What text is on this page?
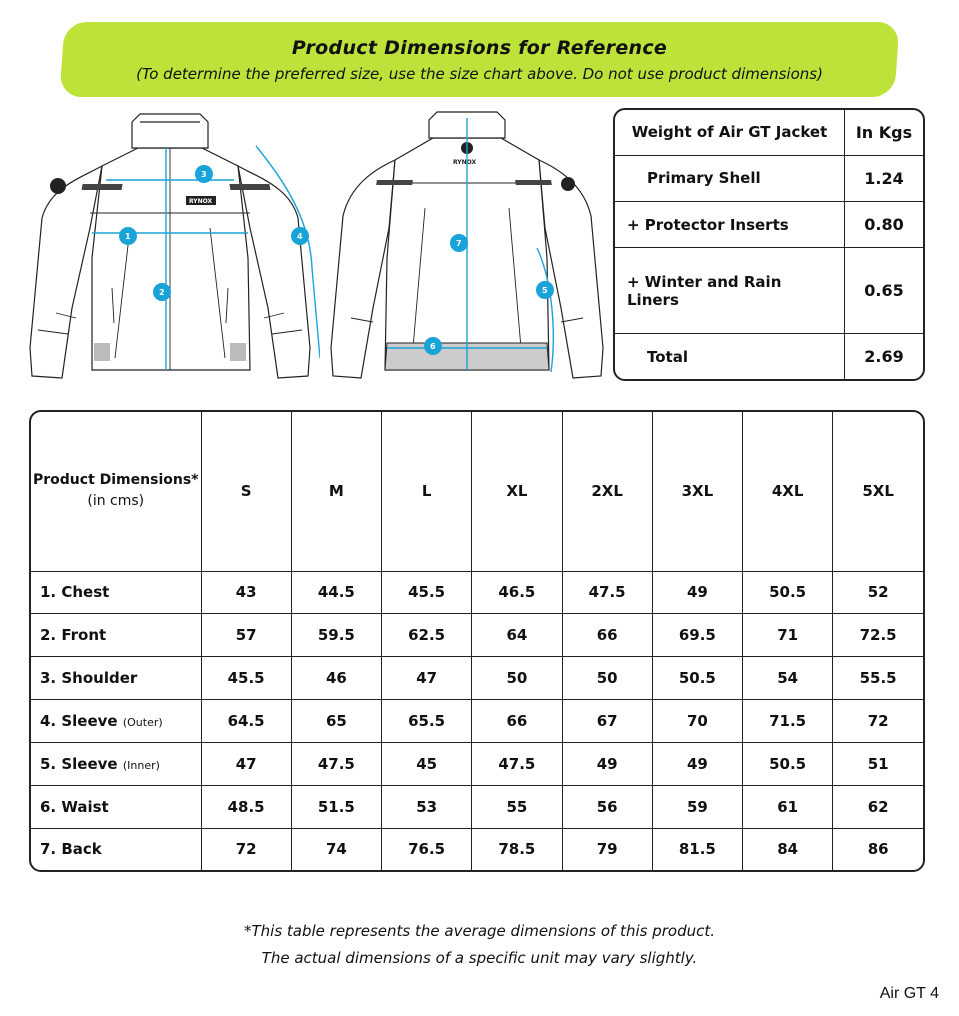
Product Dimensions for Reference
(To determine the preferred size, use the size chart above. Do not use product dimensions)
RYNOX
1
2
3
4
RYNOX
7
6
5
Weight of Air GT Jacket	In Kgs
Primary Shell	1.24
+ Protector Inserts	0.80
+ Winter and Rain Liners	0.65
Total	2.69
Product Dimensions*
(in cms)	S	M	L	XL	2XL	3XL	4XL	5XL
1. Chest	43	44.5	45.5	46.5	47.5	49	50.5	52
2. Front	57	59.5	62.5	64	66	69.5	71	72.5
3. Shoulder	45.5	46	47	50	50	50.5	54	55.5
4. Sleeve (Outer)	64.5	65	65.5	66	67	70	71.5	72
5. Sleeve (Inner)	47	47.5	45	47.5	49	49	50.5	51
6. Waist	48.5	51.5	53	55	56	59	61	62
7. Back	72	74	76.5	78.5	79	81.5	84	86
*This table represents the average dimensions of this product.
The actual dimensions of a specific unit may vary slightly.
Air GT 4
